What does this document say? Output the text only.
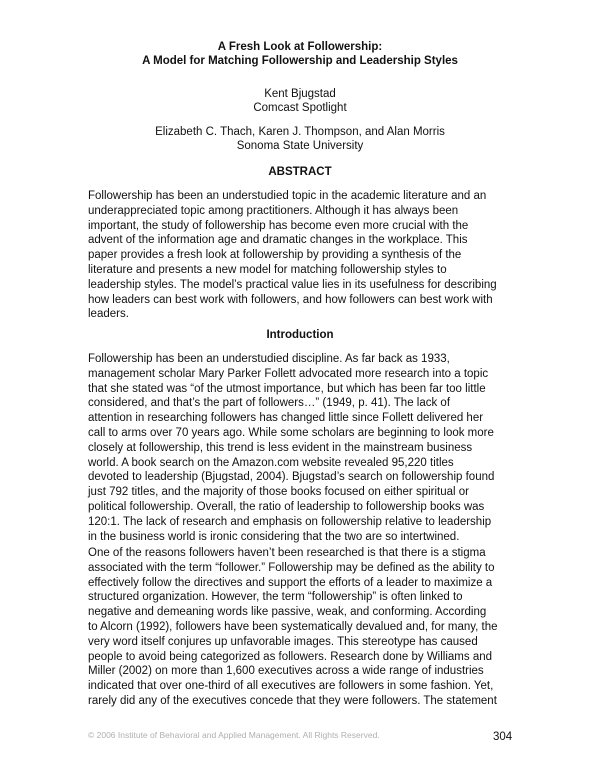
A Fresh Look at Followership:
A Model for Matching Followership and Leadership Styles
Kent Bjugstad
Comcast Spotlight
Elizabeth C. Thach, Karen J. Thompson, and Alan Morris
Sonoma State University
ABSTRACT
Followership has been an understudied topic in the academic literature and an
underappreciated topic among practitioners. Although it has always been
important, the study of followership has become even more crucial with the
advent of the information age and dramatic changes in the workplace. This
paper provides a fresh look at followership by providing a synthesis of the
literature and presents a new model for matching followership styles to
leadership styles. The model’s practical value lies in its usefulness for describing
how leaders can best work with followers, and how followers can best work with
leaders.
Introduction
Followership has been an understudied discipline. As far back as 1933,
management scholar Mary Parker Follett advocated more research into a topic
that she stated was “of the utmost importance, but which has been far too little
considered, and that’s the part of followers…” (1949, p. 41). The lack of
attention in researching followers has changed little since Follett delivered her
call to arms over 70 years ago. While some scholars are beginning to look more
closely at followership, this trend is less evident in the mainstream business
world. A book search on the Amazon.com website revealed 95,220 titles
devoted to leadership (Bjugstad, 2004). Bjugstad’s search on followership found
just 792 titles, and the majority of those books focused on either spiritual or
political followership. Overall, the ratio of leadership to followership books was
120:1. The lack of research and emphasis on followership relative to leadership
in the business world is ironic considering that the two are so intertwined.
One of the reasons followers haven’t been researched is that there is a stigma
associated with the term “follower.” Followership may be defined as the ability to
effectively follow the directives and support the efforts of a leader to maximize a
structured organization. However, the term “followership” is often linked to
negative and demeaning words like passive, weak, and conforming. According
to Alcorn (1992), followers have been systematically devalued and, for many, the
very word itself conjures up unfavorable images. This stereotype has caused
people to avoid being categorized as followers. Research done by Williams and
Miller (2002) on more than 1,600 executives across a wide range of industries
indicated that over one-third of all executives are followers in some fashion. Yet,
rarely did any of the executives concede that they were followers. The statement
© 2006 Institute of Behavioral and Applied Management. All Rights Reserved.	304
